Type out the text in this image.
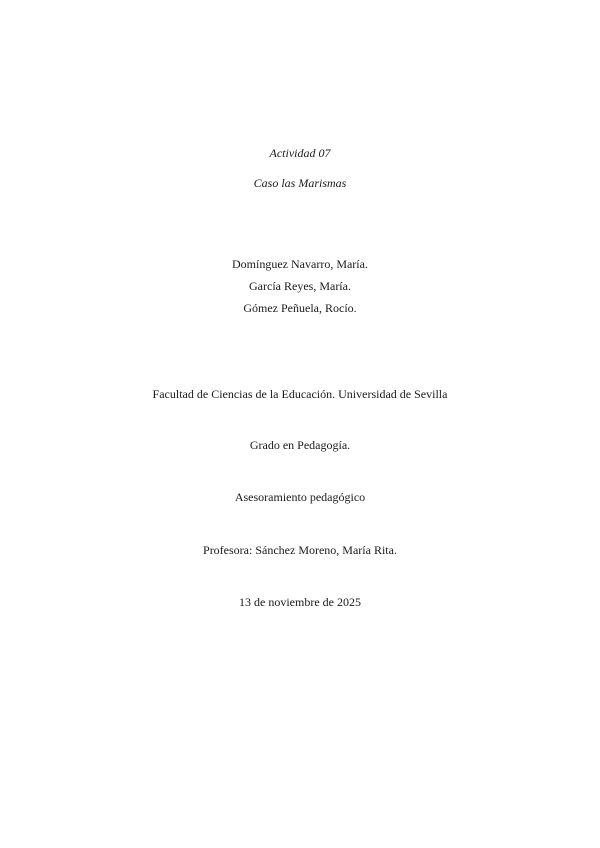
Actividad 07
Caso las Marismas
Domínguez Navarro, María.
García Reyes, María.
Gómez Peñuela, Rocío.
Facultad de Ciencias de la Educación. Universidad de Sevilla
Grado en Pedagogía.
Asesoramiento pedagógico
Profesora: Sánchez Moreno, María Rita.
13 de noviembre de 2025
